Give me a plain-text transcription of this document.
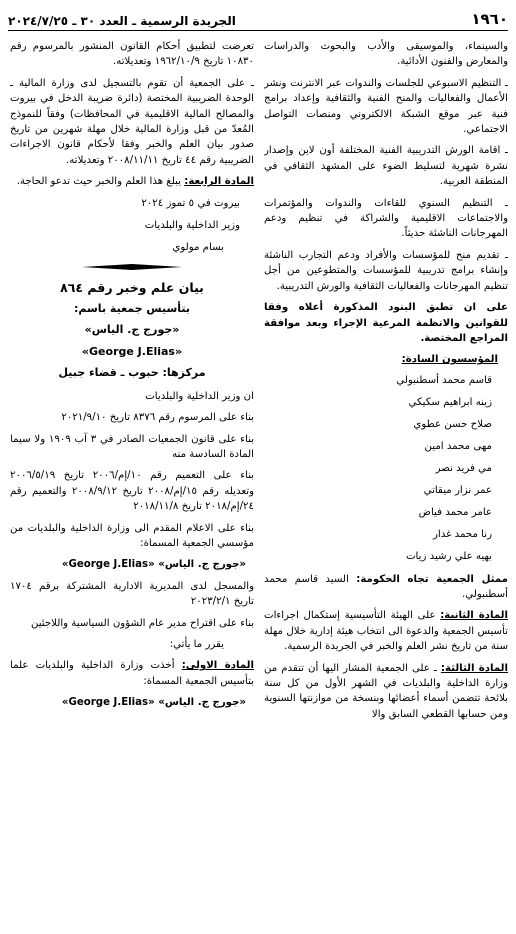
١٩٦٠
الجريدة الرسمية ـ العدد ٣٠ ـ ٢٠٢٤/٧/٢٥

والسينماء، والموسيقى والأدب والبحوث والدراسات والمعارض والفنون الأدائية.

ـ التنظيم الاسبوعي للجلسات والندوات عبر الانترنت ونشر الأعمال والفعاليات والمنح الفنية والثقافية وإعداد برامج فنية عبر موقع الشبكة الالكتروني ومنصات التواصل الاجتماعي.

ـ اقامة الورش التدريبية الفنية المختلفة أون لاين وإصدار نشرة شهرية لتسليط الضوء على المشهد الثقافي في المنطقة العربية.

ـ التنظيم السنوي للقاءات والندوات والمؤتمرات والاجتماعات الاقليمية والشراكة في تنظيم ودعم المهرجانات الناشئة حديثاً.

ـ تقديم منح للمؤسسات والأفراد ودعم التجارب الناشئة وإنشاء برامج تدريبية للمؤسسات والمتطوعين من أجل تنظيم المهرجانات والفعاليات الثقافية والورش التدريبية.

على ان تطبق البنود المذكورة أعلاه وفقا للقوانين والانظمة المرعية الإجراء وبعد موافقة المراجع المختصة.

المؤسسون السادة:

قاسم محمد أسطنبولي

زينه ابراهيم سكيكي

صلاح حسن عطوي

مهى محمد امين

مي فريد نصر

عمر نزار ميقاتي

عامر محمد فياض

رنا محمد غدار

بهيه علي رشيد زيات

ممثل الجمعية تجاه الحكومة: السيد قاسم محمد أسطنبولي.

المادة الثانية: على الهيئة التأسيسية إستكمال اجراءات تأسيس الجمعية والدعوة الى انتخاب هيئة إدارية خلال مهلة سنة من تاريخ نشر العلم والخبر في الجريدة الرسمية.

المادة الثالثة: ـ على الجمعية المشار اليها أن تتقدم من وزارة الداخلية والبلديات في الشهر الأول من كل سنة بلائحة تتضمن أسماء أعضائها وبنسخة من موازنتها السنوية ومن حسابها القطعي السابق والا

تعرضت لتطبيق أحكام القانون المنشور بالمرسوم رقم ١٠٨٣٠ تاريخ ١٩٦٢/١٠/٩ وتعديلاته.

ـ على الجمعية أن تقوم بالتسجيل لدى وزارة المالية ـ الوحدة الضريبية المختصة (دائرة ضريبة الدخل في بيروت والمصالح المالية الاقليمية في المحافظات) وفقاً للنموذج المُعدّ من قبل وزارة المالية خلال مهلة شهرين من تاريخ صدور بيان العلم والخبر وفقا لأحكام قانون الاجراءات الضريبية رقم ٤٤ تاريخ ٢٠٠٨/١١/١١ وتعديلاته.

المادة الرابعة: يبلغ هذا العلم والخبر حيث تدعو الحاجة.

بيروت في ٥ تموز ٢٠٢٤

وزير الداخلية والبلديات

بسام مولوي

بيان علم وخبر رقم ٨٦٤

بتأسيس جمعية باسم:

«جورج ج. الياس»

«George J.Elias»

مركزها: حبوب ـ قضاء جبيل

ان وزير الداخلية والبلديات

بناء على المرسوم رقم ٨٣٧٦ تاريخ ٢٠٢١/٩/١٠

بناء على قانون الجمعيات الصادر في ٣ آب ١٩٠٩ ولا سيما المادة السادسة منه

بناء على التعميم رقم ١٠/إم/٢٠٠٦ تاريخ ٢٠٠٦/٥/١٩ وتعديله رقم ١٥/إم/٢٠٠٨ تاريخ ٢٠٠٨/٩/١٢ والتعميم رقم ٢٤/إم/٢٠١٨ تاريخ ٢٠١٨/١١/٨

بناء على الاعلام المقدم الى وزارة الداخلية والبلديات من مؤسسي الجمعية المسماة:

«جورج ج. الياس» «George J.Elias»

والمسجل لدى المديرية الادارية المشتركة برقم ١٧٠٤ تاريخ ٢٠٢٣/٢/١

بناء على اقتراح مدير عام الشؤون السياسية واللاجئين

يقرر ما يأتي:

المادة الاولى: أخذت وزارة الداخلية والبلديات علما بتأسيس الجمعية المسماة:

«جورج ج. الياس» «George J.Elias»
